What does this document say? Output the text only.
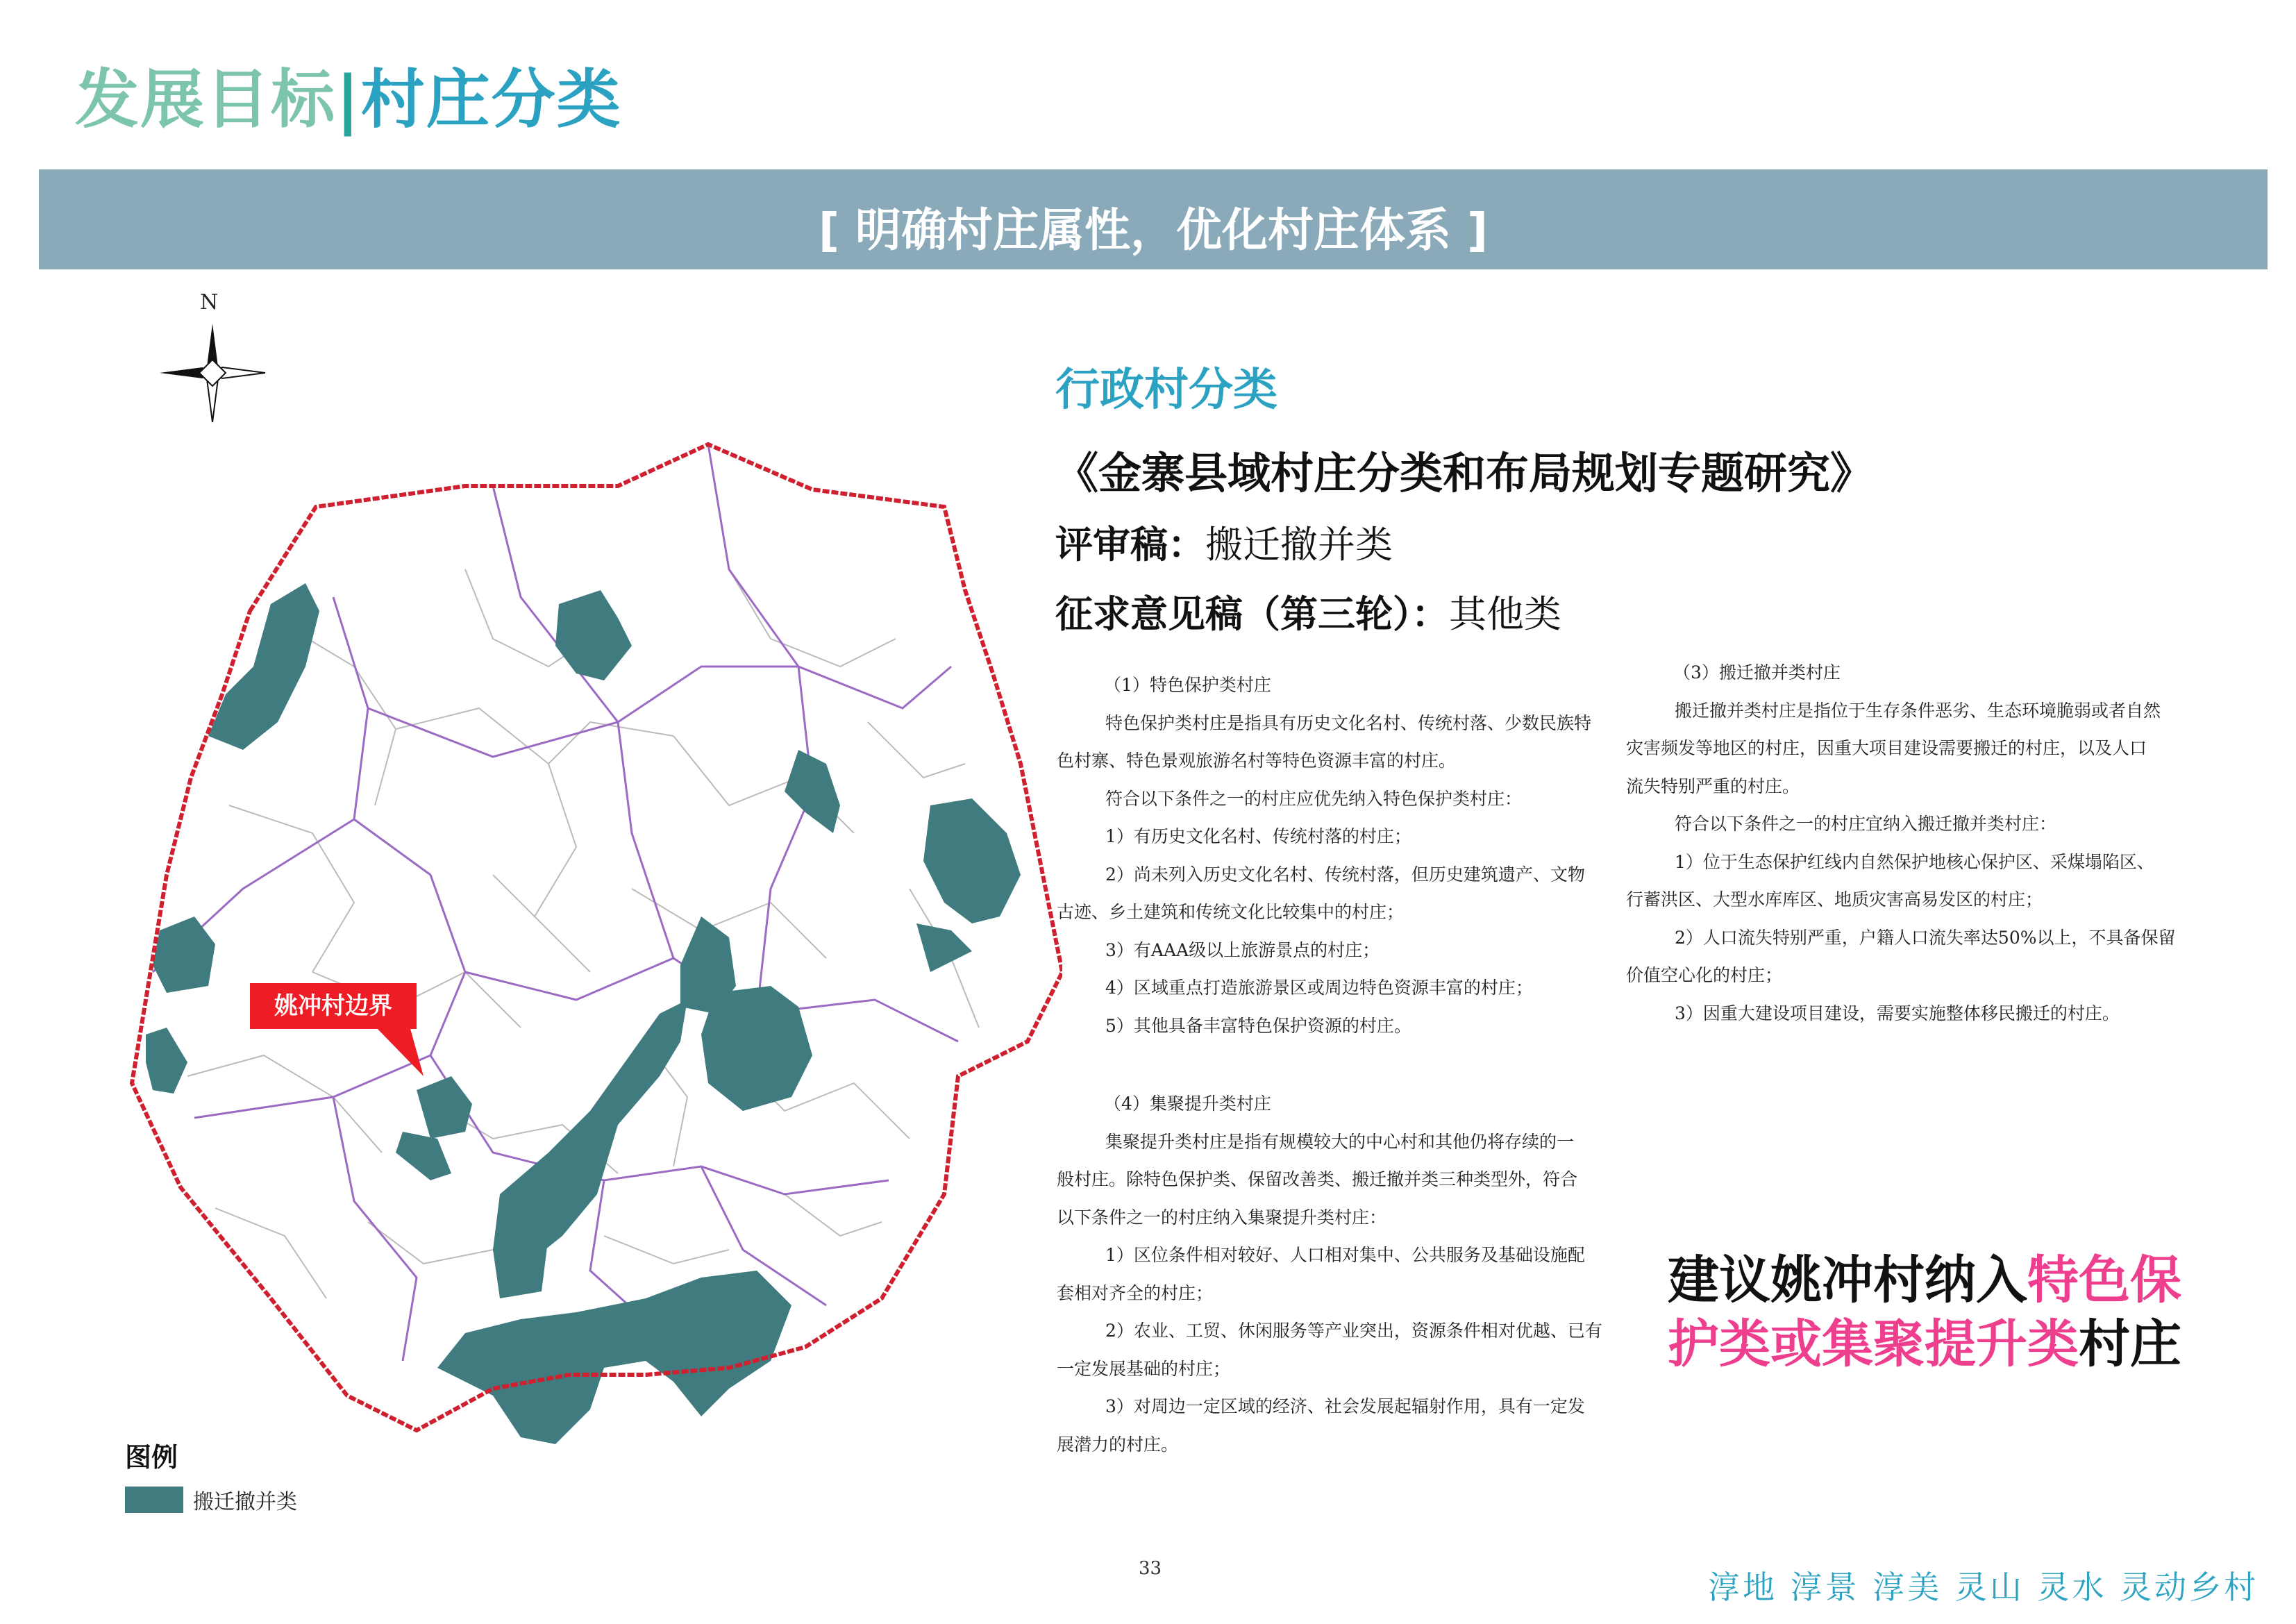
发展目标|村庄分类
[ 明确村庄属性，优化村庄体系 ]
N
姚冲村边界
图例
搬迁撤并类
行政村分类
《金寨县域村庄分类和布局规划专题研究》
评审稿：搬迁撤并类
征求意见稿（第三轮）：其他类

（1）特色保护类村庄

特色保护类村庄是指具有历史文化名村、传统村落、少数民族特

色村寨、特色景观旅游名村等特色资源丰富的村庄。

符合以下条件之一的村庄应优先纳入特色保护类村庄：

1）有历史文化名村、传统村落的村庄；

2）尚未列入历史文化名村、传统村落，但历史建筑遗产、文物

古迹、乡土建筑和传统文化比较集中的村庄；

3）有AAA级以上旅游景点的村庄；

4）区域重点打造旅游景区或周边特色资源丰富的村庄；

5）其他具备丰富特色保护资源的村庄。

（4）集聚提升类村庄

集聚提升类村庄是指有规模较大的中心村和其他仍将存续的一

般村庄。除特色保护类、保留改善类、搬迁撤并类三种类型外，符合

以下条件之一的村庄纳入集聚提升类村庄：

1）区位条件相对较好、人口相对集中、公共服务及基础设施配

套相对齐全的村庄；

2）农业、工贸、休闲服务等产业突出，资源条件相对优越、已有

一定发展基础的村庄；

3）对周边一定区域的经济、社会发展起辐射作用，具有一定发

展潜力的村庄。

（3）搬迁撤并类村庄

搬迁撤并类村庄是指位于生存条件恶劣、生态环境脆弱或者自然

灾害频发等地区的村庄，因重大项目建设需要搬迁的村庄，以及人口

流失特别严重的村庄。

符合以下条件之一的村庄宜纳入搬迁撤并类村庄：

1）位于生态保护红线内自然保护地核心保护区、采煤塌陷区、

行蓄洪区、大型水库库区、地质灾害高易发区的村庄；

2）人口流失特别严重，户籍人口流失率达50%以上，不具备保留

价值空心化的村庄；

3）因重大建设项目建设，需要实施整体移民搬迁的村庄。

建议姚冲村纳入特色保
护类或集聚提升类村庄
33	淳地 淳景 淳美 灵山 灵水 灵动乡村
